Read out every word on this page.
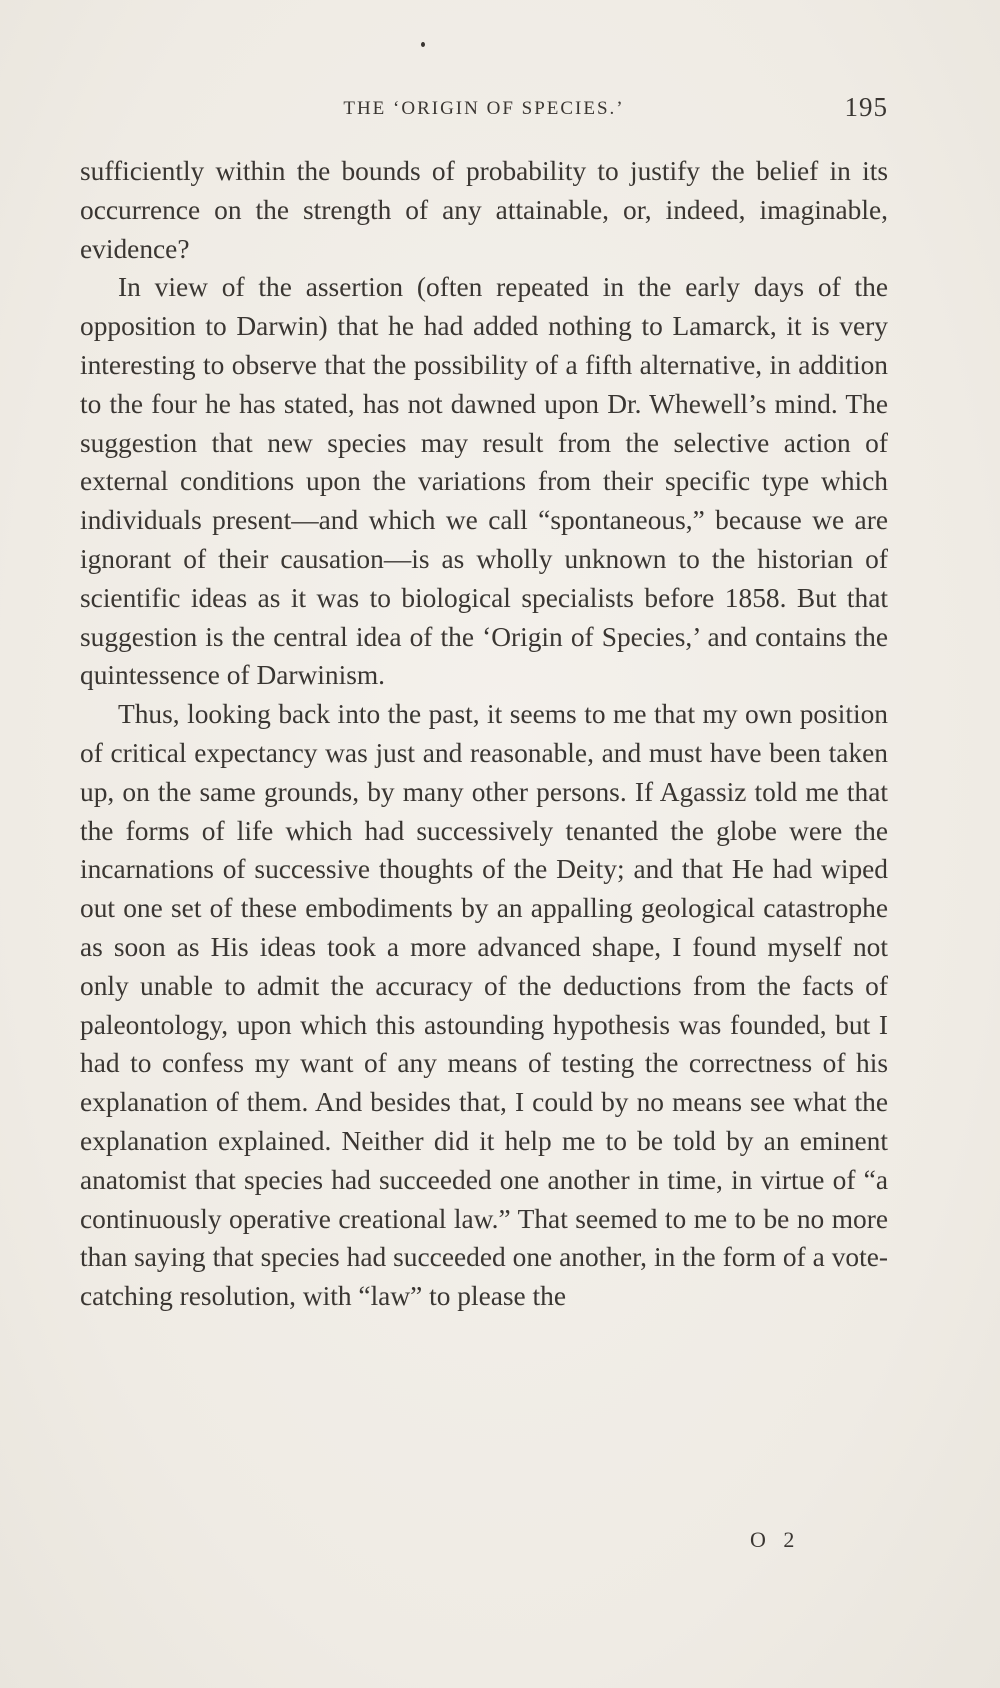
THE ‘ORIGIN OF SPECIES.’	195

sufficiently within the bounds of probability to justify the belief in its occurrence on the strength of any attainable, or, indeed, imaginable, evidence?

In view of the assertion (often repeated in the early days of the opposition to Darwin) that he had added nothing to Lamarck, it is very interesting to observe that the possibility of a fifth alternative, in addition to the four he has stated, has not dawned upon Dr. Whewell’s mind. The suggestion that new species may result from the selective action of external conditions upon the variations from their specific type which individuals present—and which we call “spontaneous,” because we are ignorant of their causation—is as wholly unknown to the historian of scientific ideas as it was to biological specialists before 1858. But that suggestion is the central idea of the ‘Origin of Species,’ and contains the quintessence of Darwinism.

Thus, looking back into the past, it seems to me that my own position of critical expectancy was just and reasonable, and must have been taken up, on the same grounds, by many other persons. If Agassiz told me that the forms of life which had successively tenanted the globe were the incarnations of successive thoughts of the Deity; and that He had wiped out one set of these embodiments by an appalling geological catastrophe as soon as His ideas took a more advanced shape, I found myself not only unable to admit the accuracy of the deductions from the facts of paleontology, upon which this astounding hypothesis was founded, but I had to confess my want of any means of testing the correctness of his explanation of them. And besides that, I could by no means see what the explanation explained. Neither did it help me to be told by an eminent anatomist that species had succeeded one another in time, in virtue of “a continuously operative creational law.” That seemed to me to be no more than saying that species had succeeded one another, in the form of a vote-catching resolution, with “law” to please the

O 2
